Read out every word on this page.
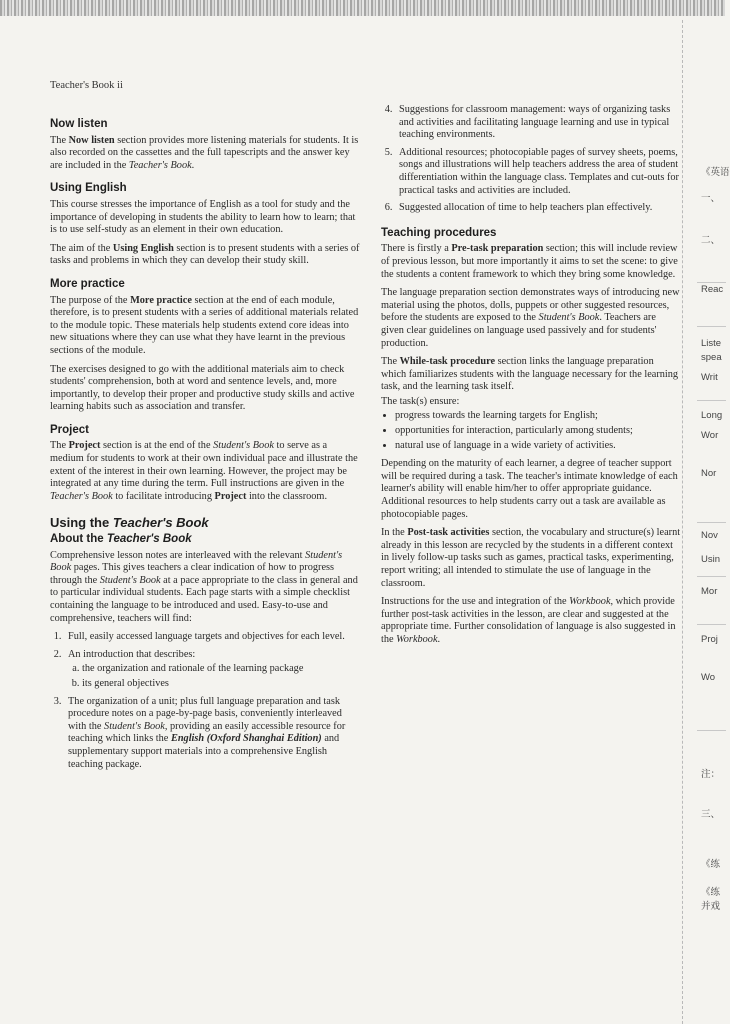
Teacher's Book ii
Now listen

The Now listen section provides more listening materials for students. It is also recorded on the cassettes and the full tapescripts and the answer key are included in the Teacher's Book.

Using English

This course stresses the importance of English as a tool for study and the importance of developing in students the ability to learn how to learn; that is to use self-study as an element in their own education.

The aim of the Using English section is to present students with a series of tasks and problems in which they can develop their study skill.

More practice

The purpose of the More practice section at the end of each module, therefore, is to present students with a series of additional materials related to the module topic. These materials help students extend core ideas into new situations where they can use what they have learnt in the previous sections of the module.

The exercises designed to go with the additional materials aim to check students' comprehension, both at word and sentence levels, and, more importantly, to develop their proper and productive study skills and active learning habits such as association and transfer.

Project

The Project section is at the end of the Student's Book to serve as a medium for students to work at their own individual pace and illustrate the extent of the interest in their own learning. However, the project may be integrated at any time during the term. Full instructions are given in the Teacher's Book to facilitate introducing Project into the classroom.

Using the Teacher's Book
About the Teacher's Book

Comprehensive lesson notes are interleaved with the relevant Student's Book pages. This gives teachers a clear indication of how to progress through the Student's Book at a pace appropriate to the class in general and to particular individual students. Each page starts with a simple checklist containing the language to be introduced and used. Easy-to-use and comprehensive, teachers will find:

1. Full, easily accessed language targets and objectives for each level.
2. An introduction that describes:
a. the organization and rationale of the learning package
b. its general objectives
3. The organization of a unit; plus full language preparation and task procedure notes on a page-by-page basis, conveniently interleaved with the Student's Book, providing an easily accessible resource for teaching which links the English (Oxford Shanghai Edition) and supplementary support materials into a comprehensive English teaching package.
4. Suggestions for classroom management: ways of organizing tasks and activities and facilitating language learning and use in typical teaching environments.
5. Additional resources; photocopiable pages of survey sheets, poems, songs and illustrations will help teachers address the area of student differentiation within the language class. Templates and cut-outs for practical tasks and activities are included.
6. Suggested allocation of time to help teachers plan effectively.
Teaching procedures

There is firstly a Pre-task preparation section; this will include review of previous lesson, but more importantly it aims to set the scene: to give the students a content framework to which they bring some knowledge.

The language preparation section demonstrates ways of introducing new material using the photos, dolls, puppets or other suggested resources, before the students are exposed to the Student's Book. Teachers are given clear guidelines on language used passively and for students' production.

The While-task procedure section links the language preparation which familiarizes students with the language necessary for the learning task, and the learning task itself.

The task(s) ensure:

• progress towards the learning targets for English;
• opportunities for interaction, particularly among students;
• natural use of language in a wide variety of activities.

Depending on the maturity of each learner, a degree of teacher support will be required during a task. The teacher's intimate knowledge of each learner's ability will enable him/her to offer appropriate guidance. Additional resources to help students carry out a task are available as photocopiable pages.

In the Post-task activities section, the vocabulary and structure(s) learnt already in this lesson are recycled by the students in a different context in lively follow-up tasks such as games, practical tasks, experimenting, report writing; all intended to stimulate the use of language in the classroom.

Instructions for the use and integration of the Workbook, which provide further post-task activities in the lesson, are clear and suggested at the appropriate time. Further consolidation of language is also suggested in the Workbook.

《英语
一、
二、
Reac
Liste
spea
Writ
Long
Wor
Nor
Nov
Usin
Mor
Proj
Wo
注：
三、
《练
《练
并戏
